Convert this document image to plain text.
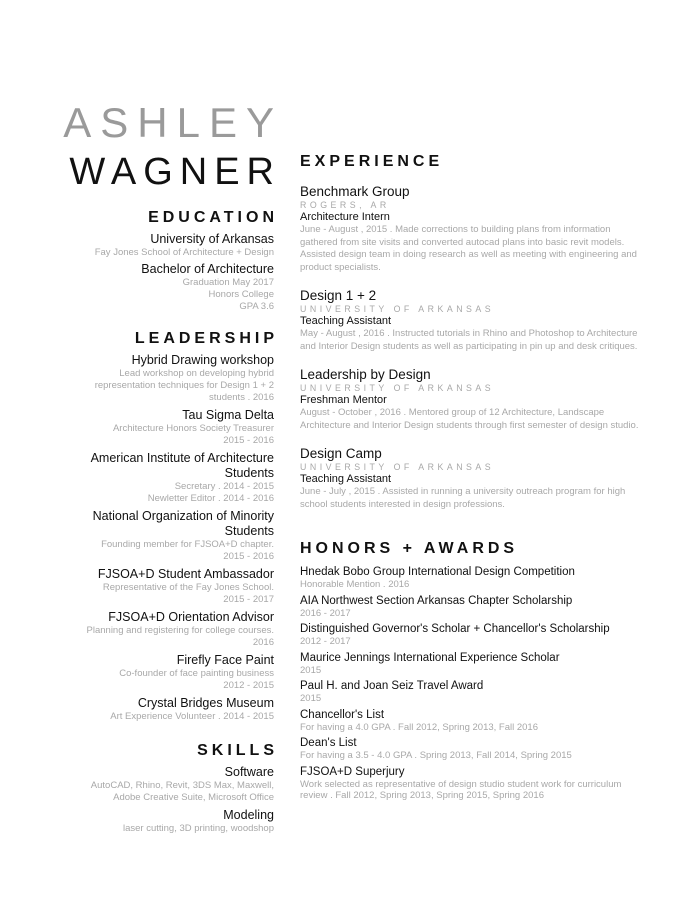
ASHLEY
WAGNER
EDUCATION
University of Arkansas
Fay Jones School of Architecture + Design
Bachelor of Architecture
Graduation May 2017
Honors College
GPA 3.6
LEADERSHIP
Hybrid Drawing workshop
Lead workshop on developing hybrid
representation techniques for Design 1 + 2
students . 2016
Tau Sigma Delta
Architecture Honors Society Treasurer
2015 - 2016
American Institute of Architecture Students
Secretary . 2014 - 2015
Newletter Editor . 2014 - 2016
National Organization of Minority Students
Founding member for FJSOA+D chapter.
2015 - 2016
FJSOA+D Student Ambassador
Representative of the Fay Jones School.
2015 - 2017
FJSOA+D Orientation Advisor
Planning and registering for college courses.
2016
Firefly Face Paint
Co-founder of face painting business
2012 - 2015
Crystal Bridges Museum
Art Experience Volunteer . 2014 - 2015
SKILLS
Software
AutoCAD, Rhino, Revit, 3DS Max, Maxwell,
Adobe Creative Suite, Microsoft Office
Modeling
laser cutting, 3D printing, woodshop
EXPERIENCE
Benchmark Group
ROGERS, AR
Architecture Intern
June - August , 2015 . Made corrections to building plans from information gathered from site visits and converted autocad plans into basic revit models. Assisted design team in doing research as well as meeting with engineering and product specialists.
Design 1 + 2
UNIVERSITY OF ARKANSAS
Teaching Assistant
May - August , 2016 . Instructed tutorials in Rhino and Photoshop to Architecture and Interior Design students as well as participating in pin up and desk critiques.
Leadership by Design
UNIVERSITY OF ARKANSAS
Freshman Mentor
August - October , 2016 . Mentored group of 12 Architecture, Landscape Architecture and Interior Design students through first semester of design studio.
Design Camp
UNIVERSITY OF ARKANSAS
Teaching Assistant
June - July , 2015 . Assisted in running a university outreach program for high school students interested in design professions.
HONORS + AWARDS
Hnedak Bobo Group International Design Competition
Honorable Mention . 2016
AIA Northwest Section Arkansas Chapter Scholarship
2016 - 2017
Distinguished Governor's Scholar + Chancellor's Scholarship
2012 - 2017
Maurice Jennings International Experience Scholar
2015
Paul H. and Joan Seiz Travel Award
2015
Chancellor's List
For having a 4.0 GPA . Fall 2012, Spring 2013, Fall 2016
Dean's List
For having a 3.5 - 4.0 GPA . Spring 2013, Fall 2014, Spring 2015
FJSOA+D Superjury
Work selected as representative of design studio student work for curriculum review . Fall 2012, Spring 2013, Spring 2015, Spring 2016
